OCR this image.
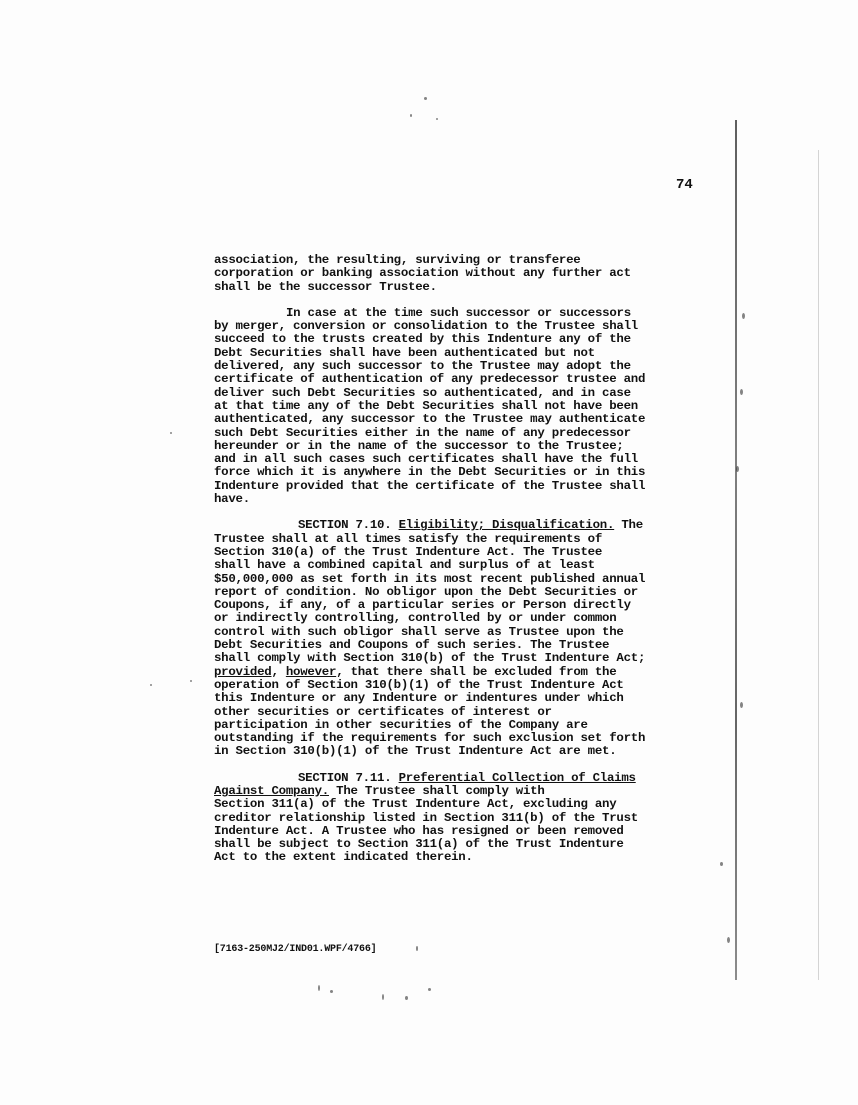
74

association, the resulting, surviving or transferee
corporation or banking association without any further act
shall be the successor Trustee.

In case at the time such successor or successors
by merger, conversion or consolidation to the Trustee shall
succeed to the trusts created by this Indenture any of the
Debt Securities shall have been authenticated but not
delivered, any such successor to the Trustee may adopt the
certificate of authentication of any predecessor trustee and
deliver such Debt Securities so authenticated, and in case
at that time any of the Debt Securities shall not have been
authenticated, any successor to the Trustee may authenticate
such Debt Securities either in the name of any predecessor
hereunder or in the name of the successor to the Trustee;
and in all such cases such certificates shall have the full
force which it is anywhere in the Debt Securities or in this
Indenture provided that the certificate of the Trustee shall
have.

SECTION 7.10. Eligibility; Disqualification. The
Trustee shall at all times satisfy the requirements of
Section 310(a) of the Trust Indenture Act. The Trustee
shall have a combined capital and surplus of at least
$50,000,000 as set forth in its most recent published annual
report of condition. No obligor upon the Debt Securities or
Coupons, if any, of a particular series or Person directly
or indirectly controlling, controlled by or under common
control with such obligor shall serve as Trustee upon the
Debt Securities and Coupons of such series. The Trustee
shall comply with Section 310(b) of the Trust Indenture Act;
provided, however, that there shall be excluded from the
operation of Section 310(b)(1) of the Trust Indenture Act
this Indenture or any Indenture or indentures under which
other securities or certificates of interest or
participation in other securities of the Company are
outstanding if the requirements for such exclusion set forth
in Section 310(b)(1) of the Trust Indenture Act are met.

SECTION 7.11. Preferential Collection of Claims
Against Company. The Trustee shall comply with
Section 311(a) of the Trust Indenture Act, excluding any
creditor relationship listed in Section 311(b) of the Trust
Indenture Act. A Trustee who has resigned or been removed
shall be subject to Section 311(a) of the Trust Indenture
Act to the extent indicated therein.

[7163-250MJ2/IND01.WPF/4766]
